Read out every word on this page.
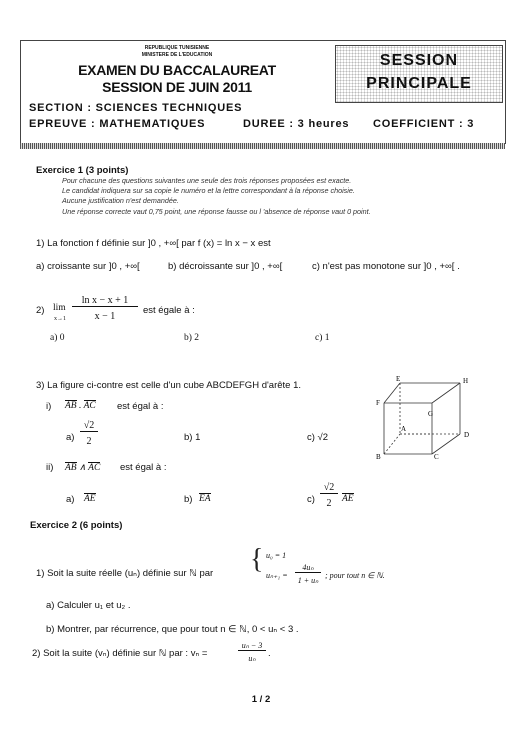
REPUBLIQUE TUNISIENNE
MINISTERE DE L'EDUCATION
EXAMEN DU BACCALAUREAT
SESSION DE JUIN 2011
SECTION : SCIENCES TECHNIQUES
EPREUVE : MATHEMATIQUES
SESSION
PRINCIPALE
DUREE : 3 heures COEFFICIENT : 3
Exercice 1 (3 points)
Pour chacune des questions suivantes une seule des trois réponses proposées est exacte.
Le candidat indiquera sur sa copie le numéro et la lettre correspondant à la réponse choisie.
Aucune justification n'est demandée.
Une réponse correcte vaut 0,75 point, une réponse fausse ou l 'absence de réponse vaut 0 point.
1) La fonction f définie sur ]0 , +∞[ par f (x) = ln x − x est
a) croissante sur ]0 , +∞[	b) décroissante sur ]0 , +∞[	c) n'est pas monotone sur ]0 , +∞[ .
2) lim
x→1
ln x − x + 1
x − 1
est égale à :
a) 0	b) 2	c) 1
3) La figure ci-contre est celle d'un cube ABCDEFGH d'arête 1.
i) AB . AC est égal à :
a)
√2
2	b) 1	c) √2
ii) AB ∧ AC est égal à :
a) AE	b) EA	c)
√2
2	AE
E	H
F
G
A
D
B	C
Exercice 2 (6 points)
1) Soit la suite réelle (uₙ) définie sur ℕ par { u₀ = 1
uₙ₊₁ =
4uₙ
1 + uₙ
; pour tout n ∈ ℕ.
a) Calculer u₁ et u₂ .
b) Montrer, par récurrence, que pour tout n ∈ ℕ, 0 < uₙ < 3 .
2) Soit la suite (vₙ) définie sur ℕ par : vₙ =
uₙ − 3
uₙ	.
1 / 2
